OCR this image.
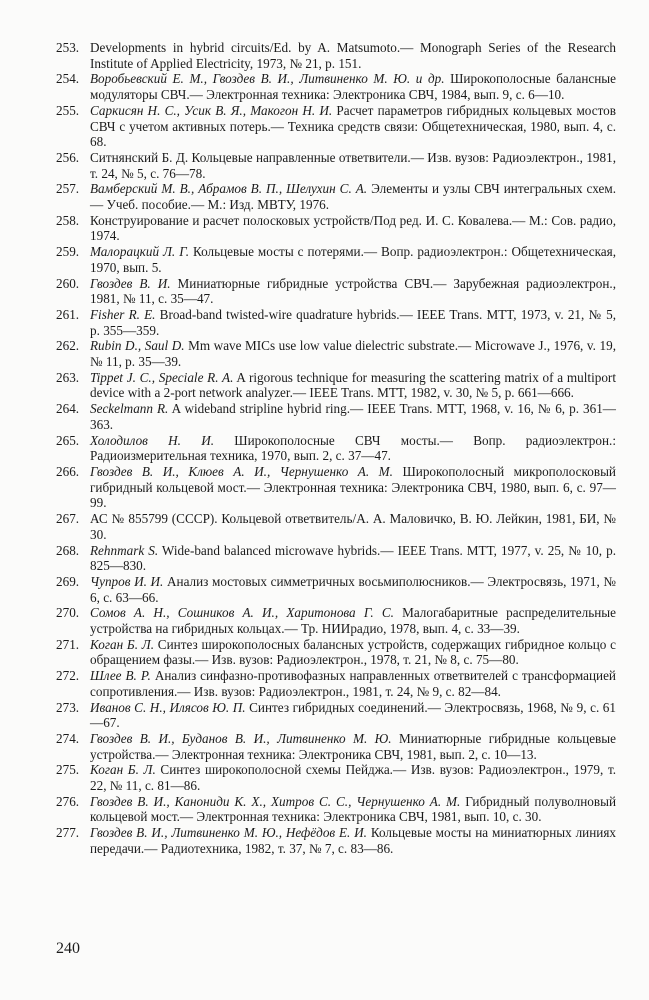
253. Developments in hybrid circuits/Ed. by A. Matsumoto.— Monograph Series of the Research Institute of Applied Electricity, 1973, № 21, p. 151.

254. Воробьевский Е. М., Гвоздев В. И., Литвиненко М. Ю. и др. Широкополосные балансные модуляторы СВЧ.— Электронная техника: Электроника СВЧ, 1984, вып. 9, с. 6—10.

255. Саркисян Н. С., Усик В. Я., Макогон Н. И. Расчет параметров гибридных кольцевых мостов СВЧ с учетом активных потерь.— Техника средств связи: Общетехническая, 1980, вып. 4, с. 68.

256. Ситнянский Б. Д. Кольцевые направленные ответвители.— Изв. вузов: Радиоэлектрон., 1981, т. 24, № 5, с. 76—78.

257. Вамберский М. В., Абрамов В. П., Шелухин С. А. Элементы и узлы СВЧ интегральных схем.— Учеб. пособие.— М.: Изд. МВТУ, 1976.

258. Конструирование и расчет полосковых устройств/Под ред. И. С. Ковалева.— М.: Сов. радио, 1974.

259. Малорацкий Л. Г. Кольцевые мосты с потерями.— Вопр. радиоэлектрон.: Общетехническая, 1970, вып. 5.

260. Гвоздев В. И. Миниатюрные гибридные устройства СВЧ.— Зарубежная радиоэлектрон., 1981, № 11, с. 35—47.

261. Fisher R. E. Broad-band twisted-wire quadrature hybrids.— IEEE Trans. MTT, 1973, v. 21, № 5, p. 355—359.

262. Rubin D., Saul D. Mm wave MICs use low value dielectric substrate.— Microwave J., 1976, v. 19, № 11, p. 35—39.

263. Tippet J. C., Speciale R. A. A rigorous technique for measuring the scattering matrix of a multiport device with a 2-port network analyzer.— IEEE Trans. MTT, 1982, v. 30, № 5, p. 661—666.

264. Seckelmann R. A wideband stripline hybrid ring.— IEEE Trans. MTT, 1968, v. 16, № 6, p. 361—363.

265. Холодилов Н. И. Широкополосные СВЧ мосты.— Вопр. радиоэлектрон.: Радиоизмерительная техника, 1970, вып. 2, с. 37—47.

266. Гвоздев В. И., Клюев А. И., Чернушенко А. М. Широкополосный микрополосковый гибридный кольцевой мост.— Электронная техника: Электроника СВЧ, 1980, вып. 6, с. 97—99.

267. АС № 855799 (СССР). Кольцевой ответвитель/А. А. Маловичко, В. Ю. Лейкин, 1981, БИ, № 30.

268. Rehnmark S. Wide-band balanced microwave hybrids.— IEEE Trans. MTT, 1977, v. 25, № 10, p. 825—830.

269. Чупров И. И. Анализ мостовых симметричных восьмиполюсников.— Электросвязь, 1971, № 6, с. 63—66.

270. Сомов А. Н., Сошников А. И., Харитонова Г. С. Малогабаритные распределительные устройства на гибридных кольцах.— Тр. НИИрадио, 1978, вып. 4, с. 33—39.

271. Коган Б. Л. Синтез широкополосных балансных устройств, содержащих гибридное кольцо с обращением фазы.— Изв. вузов: Радиоэлектрон., 1978, т. 21, № 8, с. 75—80.

272. Шлее В. Р. Анализ синфазно-противофазных направленных ответвителей с трансформацией сопротивления.— Изв. вузов: Радиоэлектрон., 1981, т. 24, № 9, с. 82—84.

273. Иванов С. Н., Илясов Ю. П. Синтез гибридных соединений.— Электросвязь, 1968, № 9, с. 61—67.

274. Гвоздев В. И., Буданов В. И., Литвиненко М. Ю. Миниатюрные гибридные кольцевые устройства.— Электронная техника: Электроника СВЧ, 1981, вып. 2, с. 10—13.

275. Коган Б. Л. Синтез широкополосной схемы Пейджа.— Изв. вузов: Радиоэлектрон., 1979, т. 22, № 11, с. 81—86.

276. Гвоздев В. И., Канониди К. Х., Хитров С. С., Чернушенко А. М. Гибридный полуволновый кольцевой мост.— Электронная техника: Электроника СВЧ, 1981, вып. 10, с. 30.

277. Гвоздев В. И., Литвиненко М. Ю., Нефёдов Е. И. Кольцевые мосты на миниатюрных линиях передачи.— Радиотехника, 1982, т. 37, № 7, с. 83—86.

240
